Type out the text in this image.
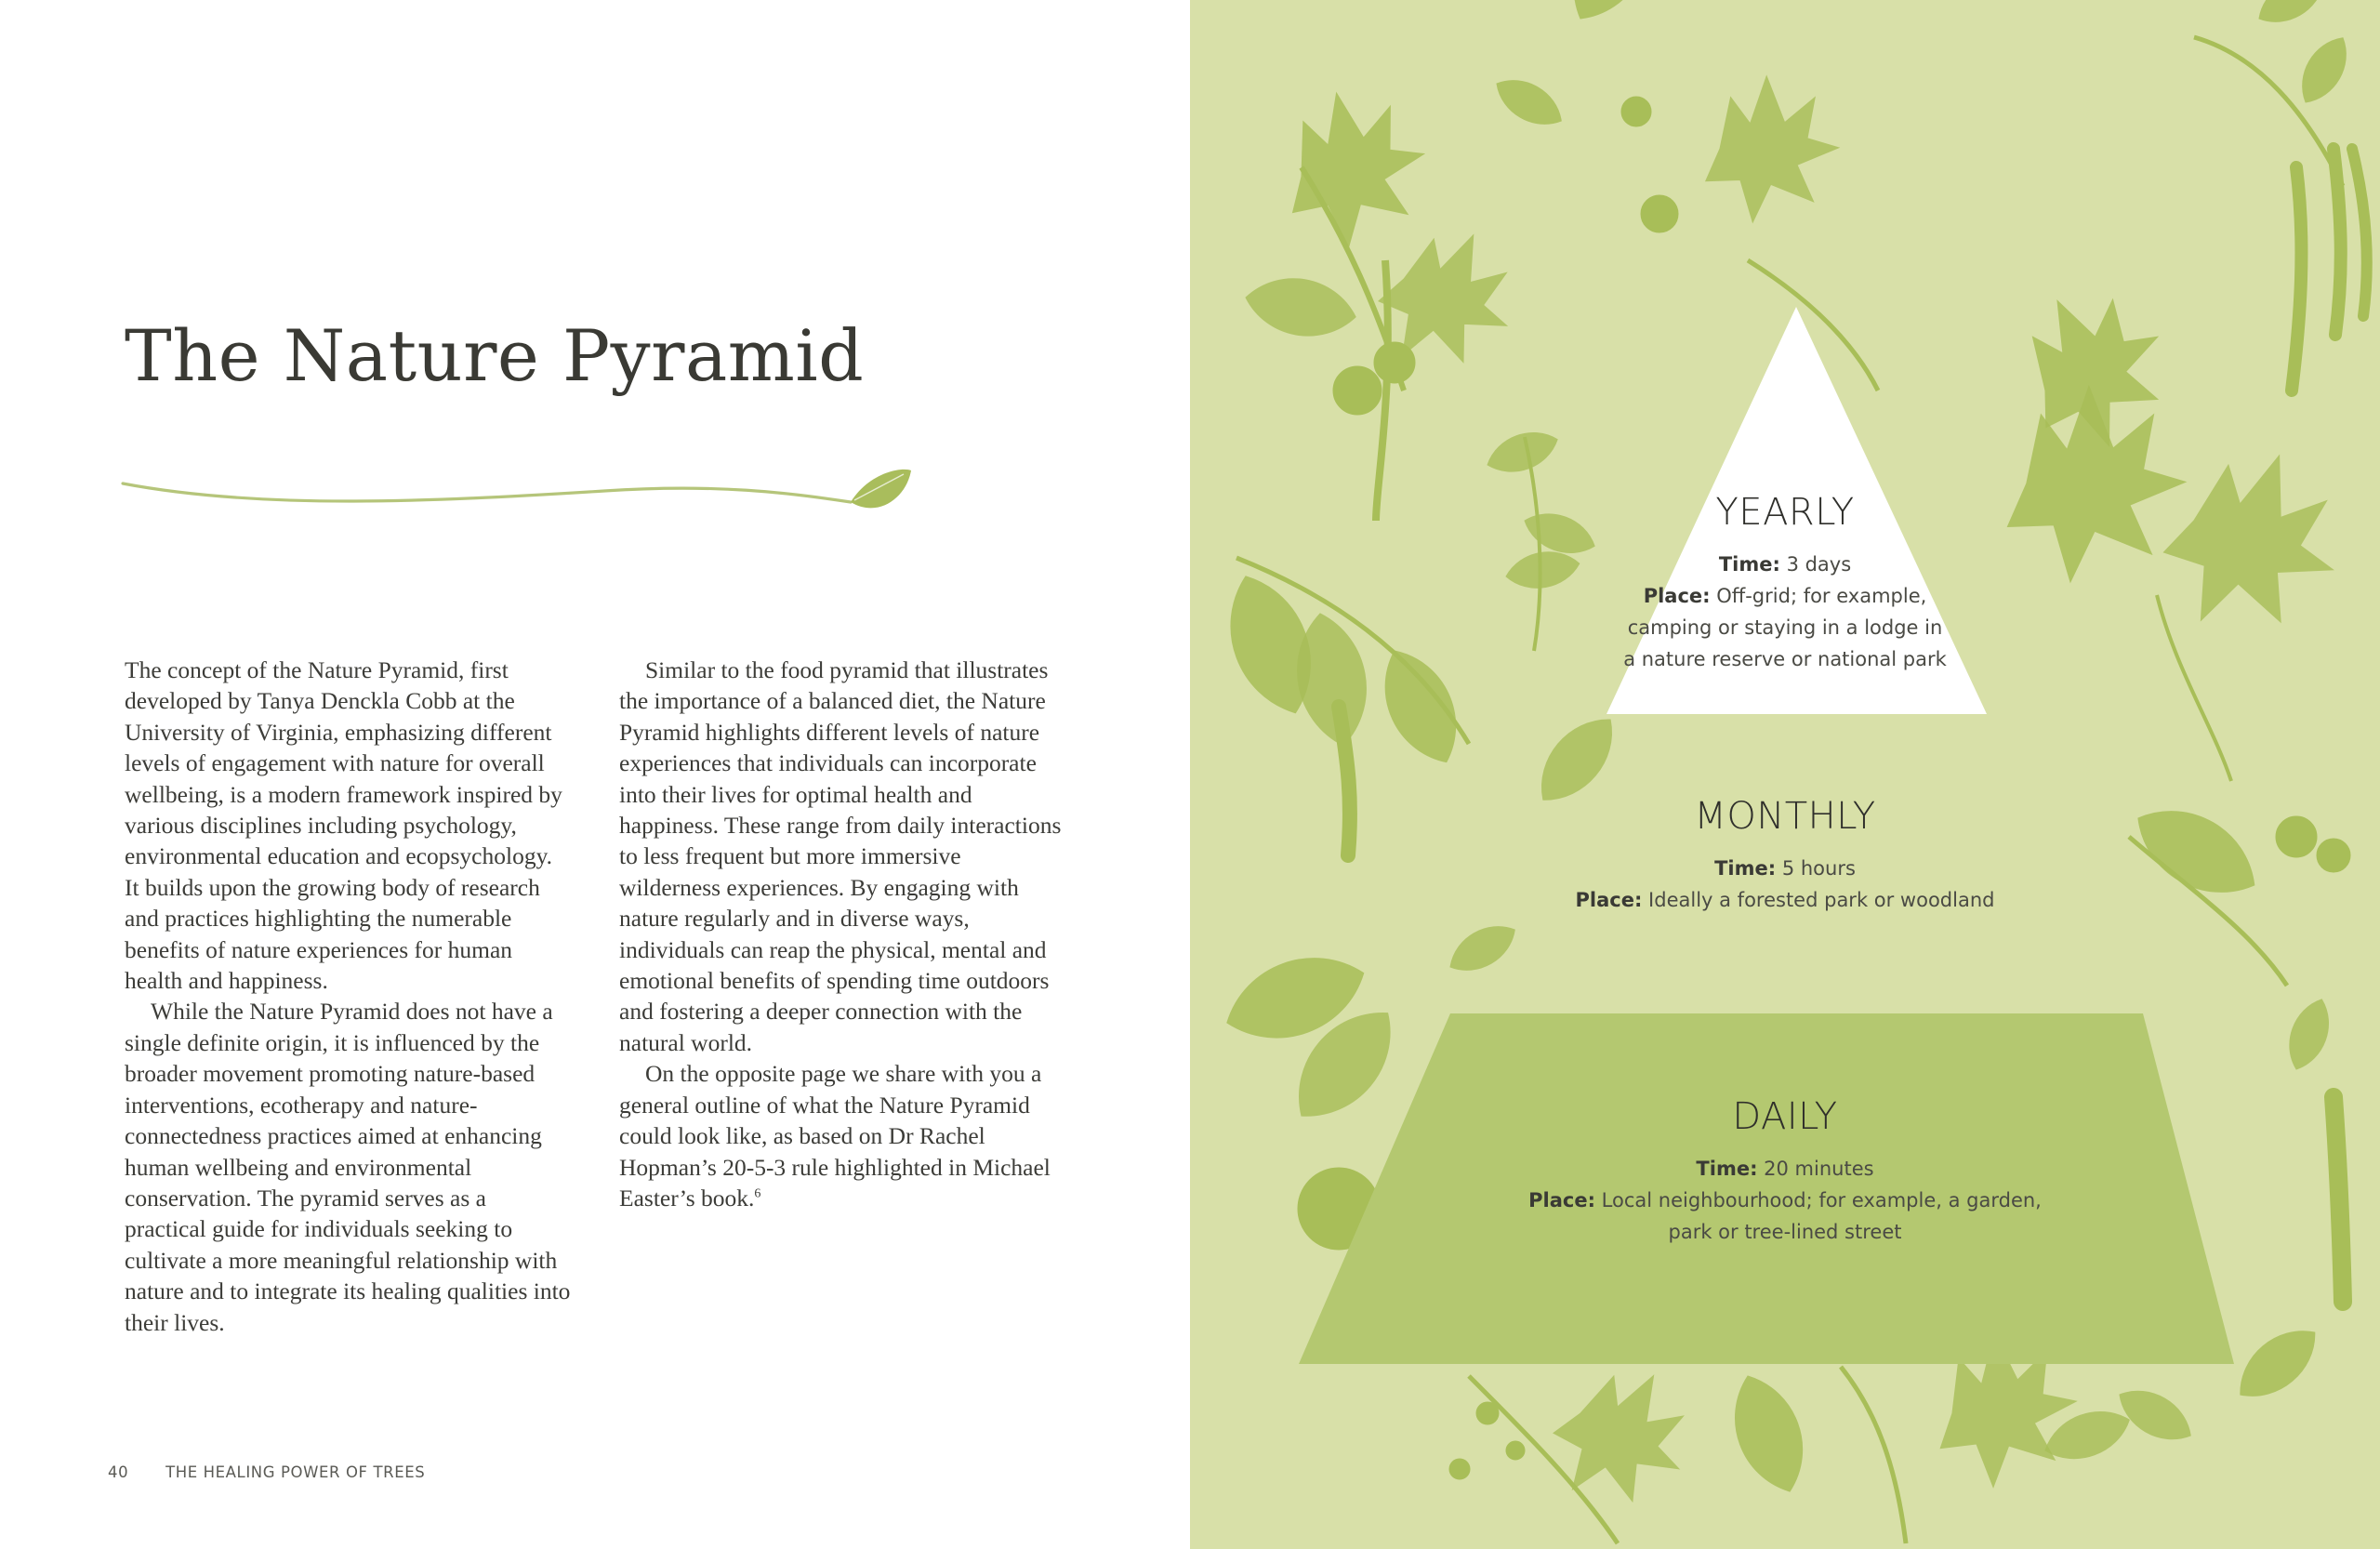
The Nature Pyramid

The concept of the Nature Pyramid, first developed by Tanya Denckla Cobb at the University of Virginia, emphasizing different levels of engagement with nature for overall wellbeing, is a modern framework inspired by various disciplines including psychology, environmental education and ecopsychology. It builds upon the growing body of research and practices highlighting the numerable benefits of nature experiences for human health and happiness.

While the Nature Pyramid does not have a single definite origin, it is influenced by the broader movement promoting nature-based interventions, ecotherapy and nature-connectedness practices aimed at enhancing human wellbeing and environmental conservation. The pyramid serves as a practical guide for individuals seeking to cultivate a more meaningful relationship with nature and to integrate its healing qualities into their lives.

Similar to the food pyramid that illustrates the importance of a balanced diet, the Nature Pyramid highlights different levels of nature experiences that individuals can incorporate into their lives for optimal health and happiness. These range from daily interactions to less frequent but more immersive wilderness experiences. By engaging with nature regularly and in diverse ways, individuals can reap the physical, mental and emotional benefits of spending time outdoors and fostering a deeper connection with the natural world.

On the opposite page we share with you a general outline of what the Nature Pyramid could look like, as based on Dr Rachel Hopman’s 20-5-3 rule highlighted in Michael Easter’s book.$^6$

40 THE HEALING POWER OF TREES
YEARLY
Time: 3 days
Place: Off-grid; for example,
camping or staying in a lodge in
a nature reserve or national park
MONTHLY
Time: 5 hours
Place: Ideally a forested park or woodland
DAILY
Time: 20 minutes
Place: Local neighbourhood; for example, a garden,
park or tree-lined street
